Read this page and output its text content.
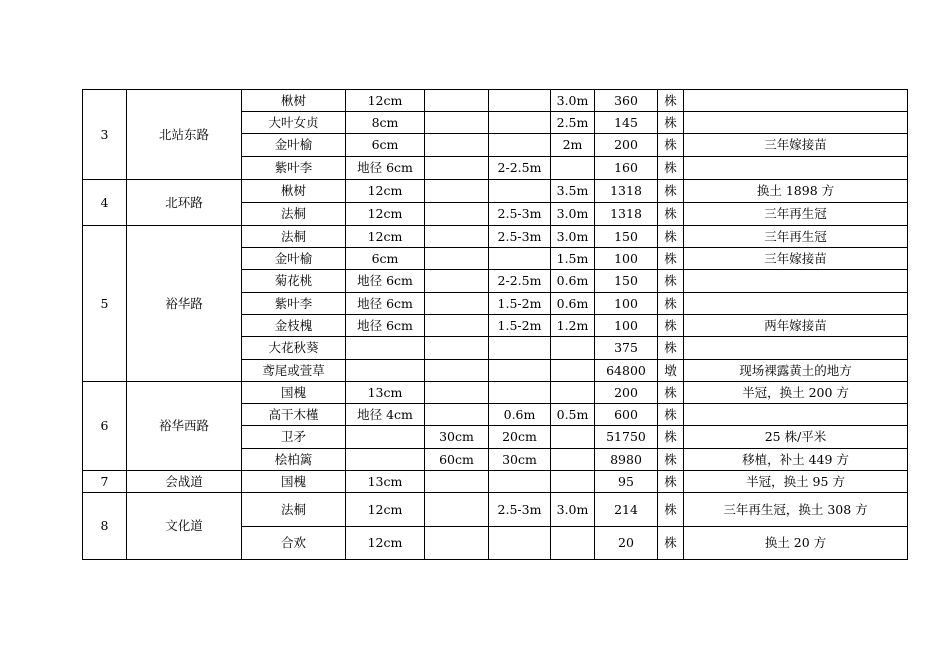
3	北站东路	楸树	12cm			3.0m	360	株	
		大叶女贞	8cm			2.5m	145	株	
		金叶榆	6cm			2m	200	株	三年嫁接苗
		紫叶李	地径 6cm		2-2.5m		160	株	
4	北环路	楸树	12cm			3.5m	1318	株	换土 1898 方
		法桐	12cm		2.5-3m	3.0m	1318	株	三年再生冠
5	裕华路	法桐	12cm		2.5-3m	3.0m	150	株	三年再生冠
		金叶榆	6cm			1.5m	100	株	三年嫁接苗
		菊花桃	地径 6cm		2-2.5m	0.6m	150	株	
		紫叶李	地径 6cm		1.5-2m	0.6m	100	株	
		金枝槐	地径 6cm		1.5-2m	1.2m	100	株	两年嫁接苗
		大花秋葵					375	株	
		鸢尾或萱草					64800	墩	现场裸露黄土的地方
6	裕华西路	国槐	13cm				200	株	半冠，换土 200 方
		高干木槿	地径 4cm		0.6m	0.5m	600	株	
		卫矛		30cm	20cm		51750	株	25 株/平米
		桧柏篱		60cm	30cm		8980	株	移植，补土 449 方
7	会战道	国槐	13cm				95	株	半冠，换土 95 方
8	文化道	法桐	12cm		2.5-3m	3.0m	214	株	三年再生冠，换土 308 方
		合欢	12cm				20	株	换土 20 方
